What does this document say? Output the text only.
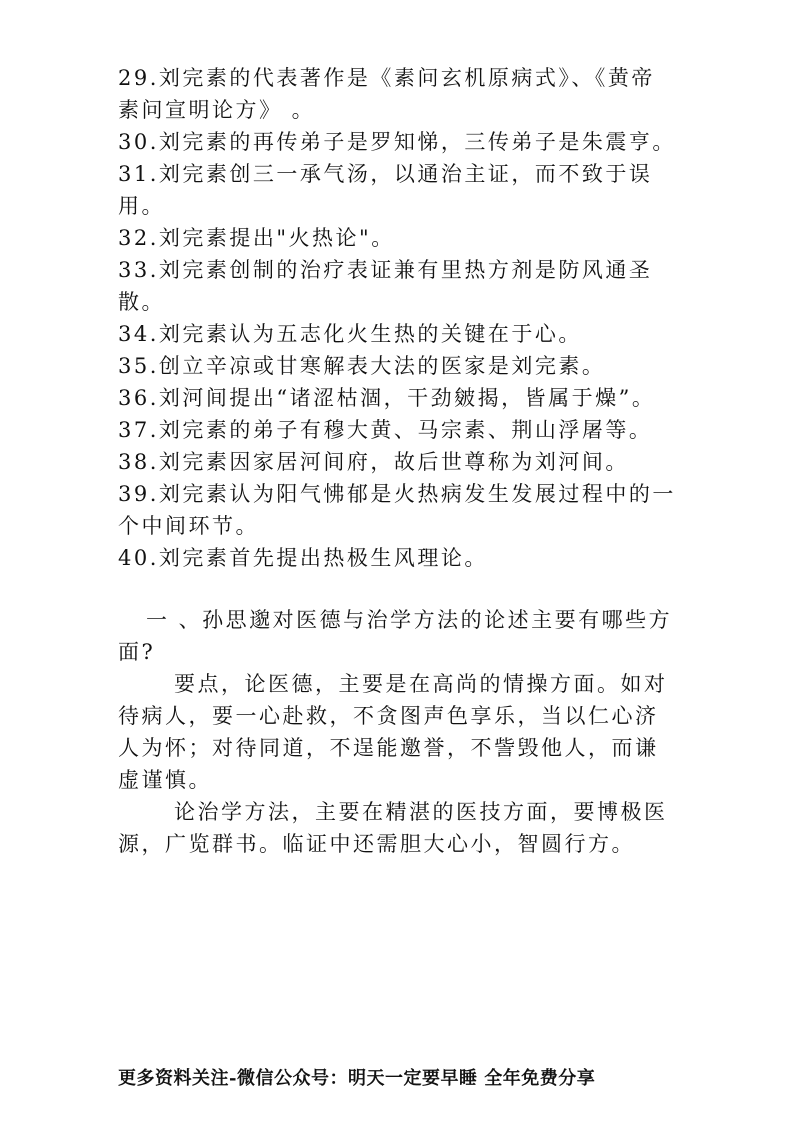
29.刘完素的代表著作是《素问玄机原病式》、《黄帝素问宣明论方》 。

30.刘完素的再传弟子是罗知悌，三传弟子是朱震亨。

31.刘完素创三一承气汤，以通治主证，而不致于误用。

32.刘完素提出"火热论"。

33.刘完素创制的治疗表证兼有里热方剂是防风通圣散。

34.刘完素认为五志化火生热的关键在于心。

35.创立辛凉或甘寒解表大法的医家是刘完素。

36.刘河间提出“诸涩枯涸，干劲皴揭，皆属于燥”。

37.刘完素的弟子有穆大黄、马宗素、荆山浮屠等。

38.刘完素因家居河间府，故后世尊称为刘河间。

39.刘完素认为阳气怫郁是火热病发生发展过程中的一个中间环节。

40.刘完素首先提出热极生风理论。

一 、孙思邈对医德与治学方法的论述主要有哪些方面?

要点，论医德，主要是在高尚的情操方面。如对待病人，要一心赴救，不贪图声色享乐，当以仁心济人为怀；对待同道，不逞能邀誉，不訾毁他人，而谦虚谨慎。

论治学方法，主要在精湛的医技方面，要博极医源，广览群书。临证中还需胆大心小，智圆行方。

更多资料关注-微信公众号：明天一定要早睡 全年免费分享
